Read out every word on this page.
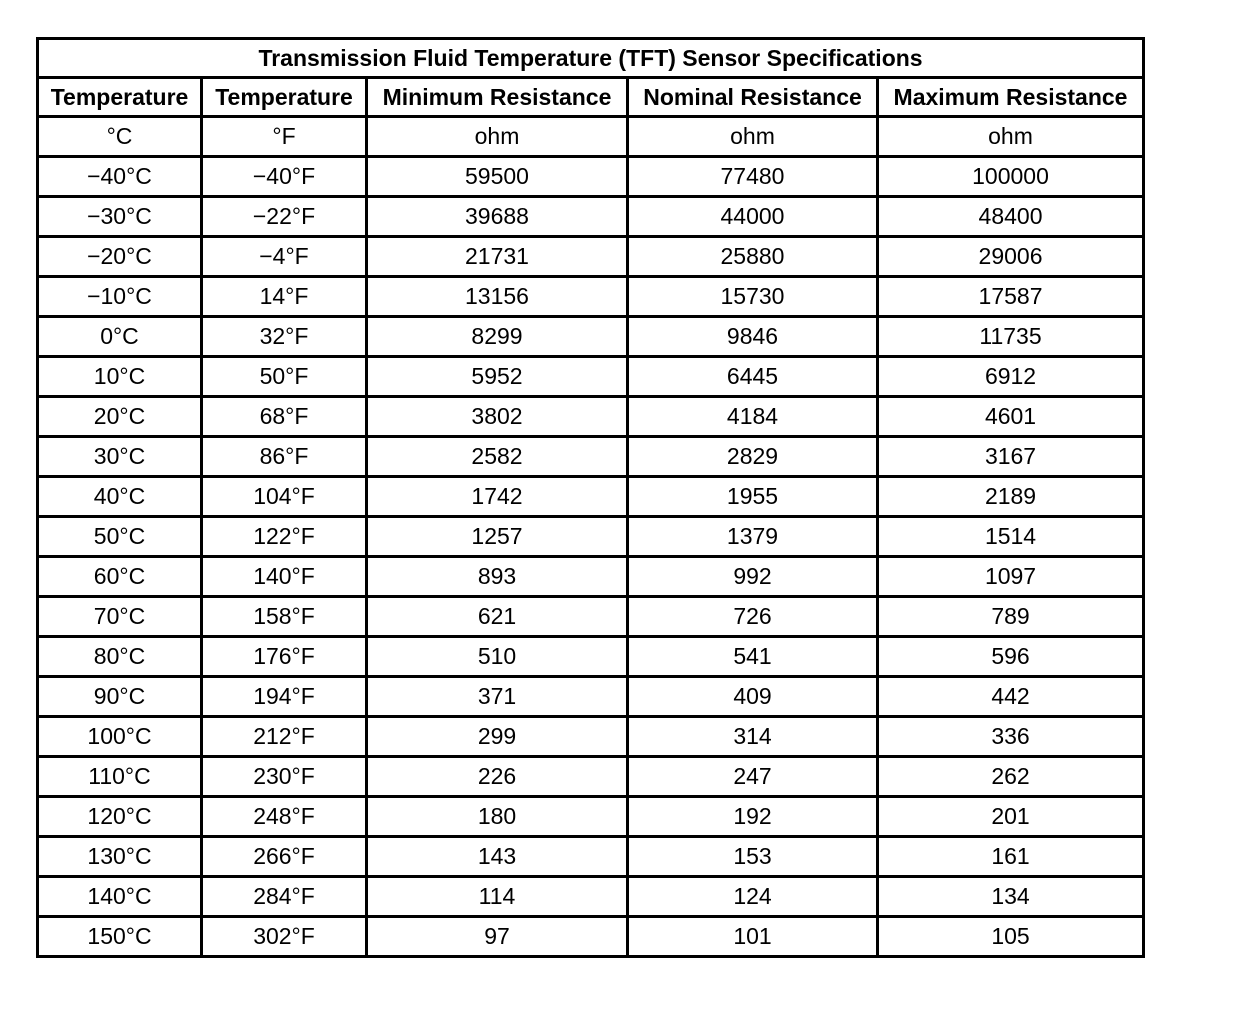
Transmission Fluid Temperature (TFT) Sensor Specifications				
Temperature	Temperature	Minimum Resistance	Nominal Resistance	Maximum Resistance
°C	°F	ohm	ohm	ohm
−40°C	−40°F	59500	77480	100000
−30°C	−22°F	39688	44000	48400
−20°C	−4°F	21731	25880	29006
−10°C	14°F	13156	15730	17587
0°C	32°F	8299	9846	11735
10°C	50°F	5952	6445	6912
20°C	68°F	3802	4184	4601
30°C	86°F	2582	2829	3167
40°C	104°F	1742	1955	2189
50°C	122°F	1257	1379	1514
60°C	140°F	893	992	1097
70°C	158°F	621	726	789
80°C	176°F	510	541	596
90°C	194°F	371	409	442
100°C	212°F	299	314	336
110°C	230°F	226	247	262
120°C	248°F	180	192	201
130°C	266°F	143	153	161
140°C	284°F	114	124	134
150°C	302°F	97	101	105
